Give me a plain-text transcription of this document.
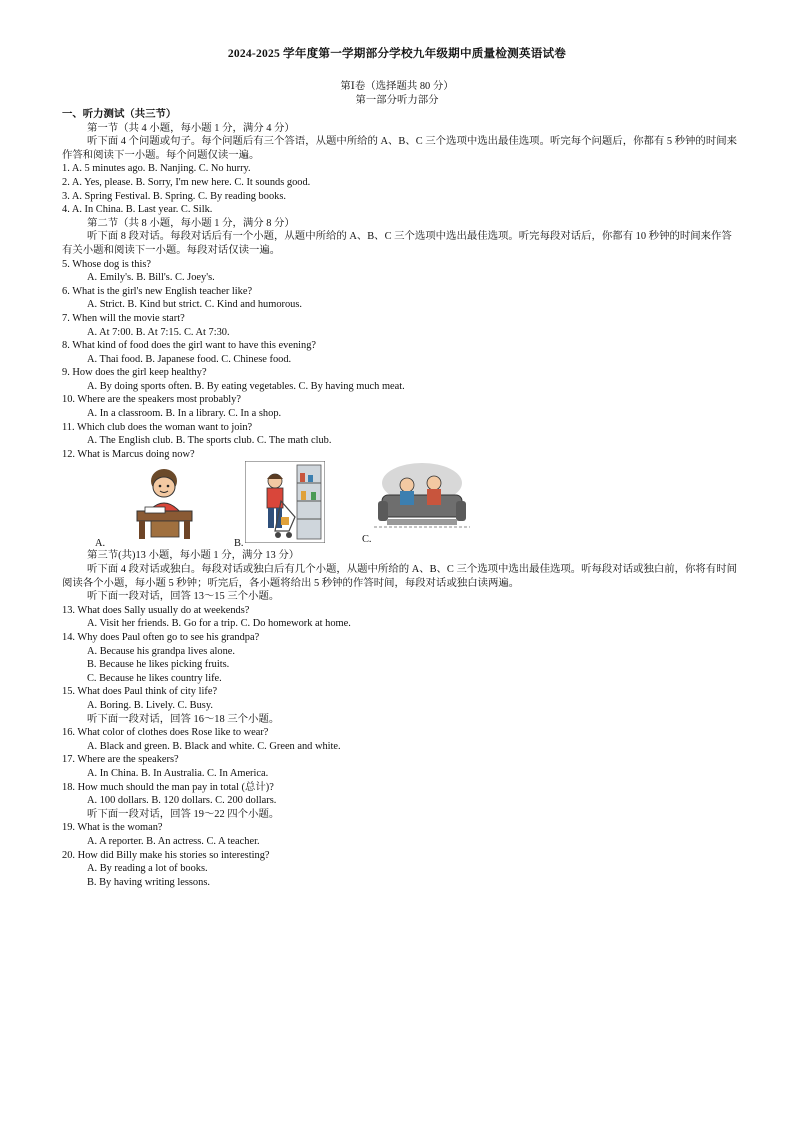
2024-2025 学年度第一学期部分学校九年级期中质量检测英语试卷
第Ⅰ卷（选择题共 80 分）
第一部分听力部分
一、听力测试（共三节）
第一节（共 4 小题，每小题 1 分，满分 4 分）
听下面 4 个问题或句子。每个问题后有三个答语，从题中所给的 A、B、C 三个选项中选出最佳选项。听完每个问题后，你都有 5 秒钟的时间来作答和阅读下一小题。每个问题仅读一遍。
1. A. 5 minutes ago. B. Nanjing. C. No hurry.
2. A. Yes, please. B. Sorry, I'm new here. C. It sounds good.
3. A. Spring Festival. B. Spring. C. By reading books.
4. A. In China. B. Last year. C. Silk.
第二节（共 8 小题，每小题 1 分，满分 8 分）
听下面 8 段对话。每段对话后有一个小题，从题中所给的 A、B、C 三个选项中选出最佳选项。听完每段对话后，你都有 10 秒钟的时间来作答有关小题和阅读下一小题。每段对话仅读一遍。
5. Whose dog is this?
A. Emily's. B. Bill's. C. Joey's.
6. What is the girl's new English teacher like?
A. Strict. B. Kind but strict. C. Kind and humorous.
7. When will the movie start?
A. At 7:00. B. At 7:15. C. At 7:30.
8. What kind of food does the girl want to have this evening?
A. Thai food. B. Japanese food. C. Chinese food.
9. How does the girl keep healthy?
A. By doing sports often. B. By eating vegetables. C. By having much meat.
10. Where are the speakers most probably?
A. In a classroom. B. In a library. C. In a shop.
11. Which club does the woman want to join?
A. The English club. B. The sports club. C. The math club.
12. What is Marcus doing now?
A.	B.	C.
第三节(共)13 小题，每小题 1 分，满分 13 分）
听下面 4 段对话或独白。每段对话或独白后有几个小题，从题中所给的 A、B、C 三个选项中选出最佳选项。听每段对话或独白前，你将有时间阅读各个小题，每小题 5 秒钟；听完后，各小题将给出 5 秒钟的作答时间，每段对话或独白读两遍。
听下面一段对话，回答 13～15 三个小题。
13. What does Sally usually do at weekends?
A. Visit her friends. B. Go for a trip. C. Do homework at home.
14. Why does Paul often go to see his grandpa?
A. Because his grandpa lives alone.
B. Because he likes picking fruits.
C. Because he likes country life.
15. What does Paul think of city life?
A. Boring. B. Lively. C. Busy.
听下面一段对话，回答 16～18 三个小题。
16. What color of clothes does Rose like to wear?
A. Black and green. B. Black and white. C. Green and white.
17. Where are the speakers?
A. In China. B. In Australia. C. In America.
18. How much should the man pay in total (总计)?
A. 100 dollars. B. 120 dollars. C. 200 dollars.
听下面一段对话，回答 19～22 四个小题。
19. What is the woman?
A. A reporter. B. An actress. C. A teacher.
20. How did Billy make his stories so interesting?
A. By reading a lot of books.
B. By having writing lessons.
